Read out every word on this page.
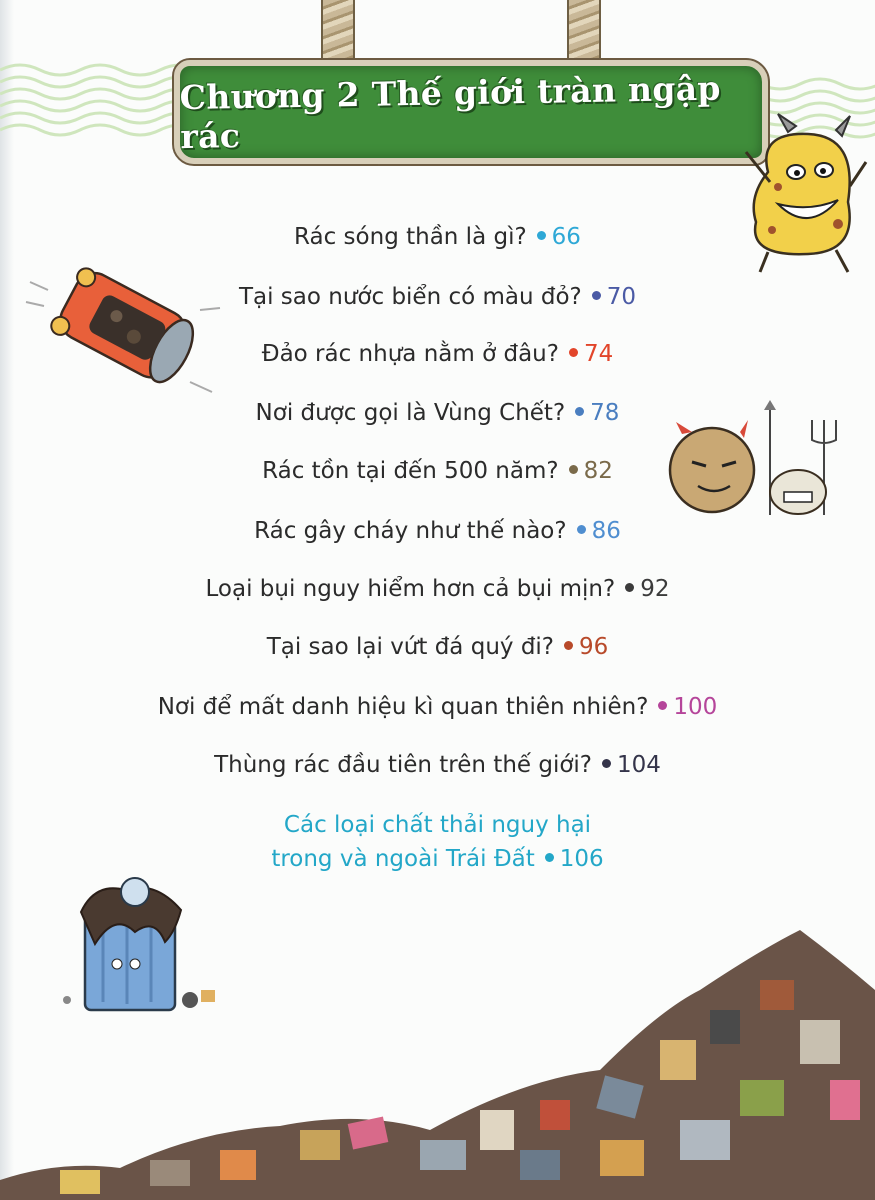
Chương 2 Thế giới tràn ngập rác
Rác sóng thần là gì? 66
Tại sao nước biển có màu đỏ? 70
Đảo rác nhựa nằm ở đâu? 74
Nơi được gọi là Vùng Chết? 78
Rác tồn tại đến 500 năm? 82
Rác gây cháy như thế nào? 86
Loại bụi nguy hiểm hơn cả bụi mịn? 92
Tại sao lại vứt đá quý đi? 96
Nơi để mất danh hiệu kì quan thiên nhiên? 100
Thùng rác đầu tiên trên thế giới? 104
Các loại chất thải nguy hại
trong và ngoài Trái Đất 106
